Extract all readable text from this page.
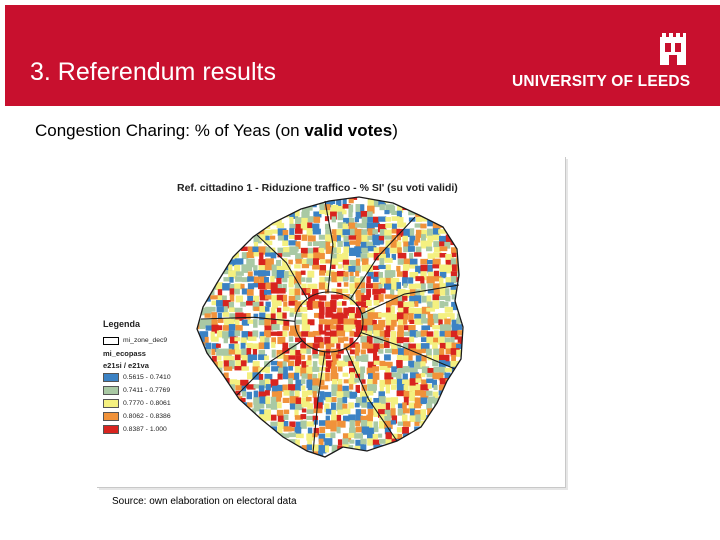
3. Referendum results	UNIVERSITY OF LEEDS
Congestion Charing: % of Yeas (on valid votes)
Ref. cittadino 1 - Riduzione traffico - % SI' (su voti validi)
Legenda
mi_zone_dec9
mi_ecopass
e21si / e21va
0.5615 - 0.7410
0.7411 - 0.7769
0.7770 - 0.8061
0.8062 - 0.8386
0.8387 - 1.000
Source: own elaboration on electoral data
